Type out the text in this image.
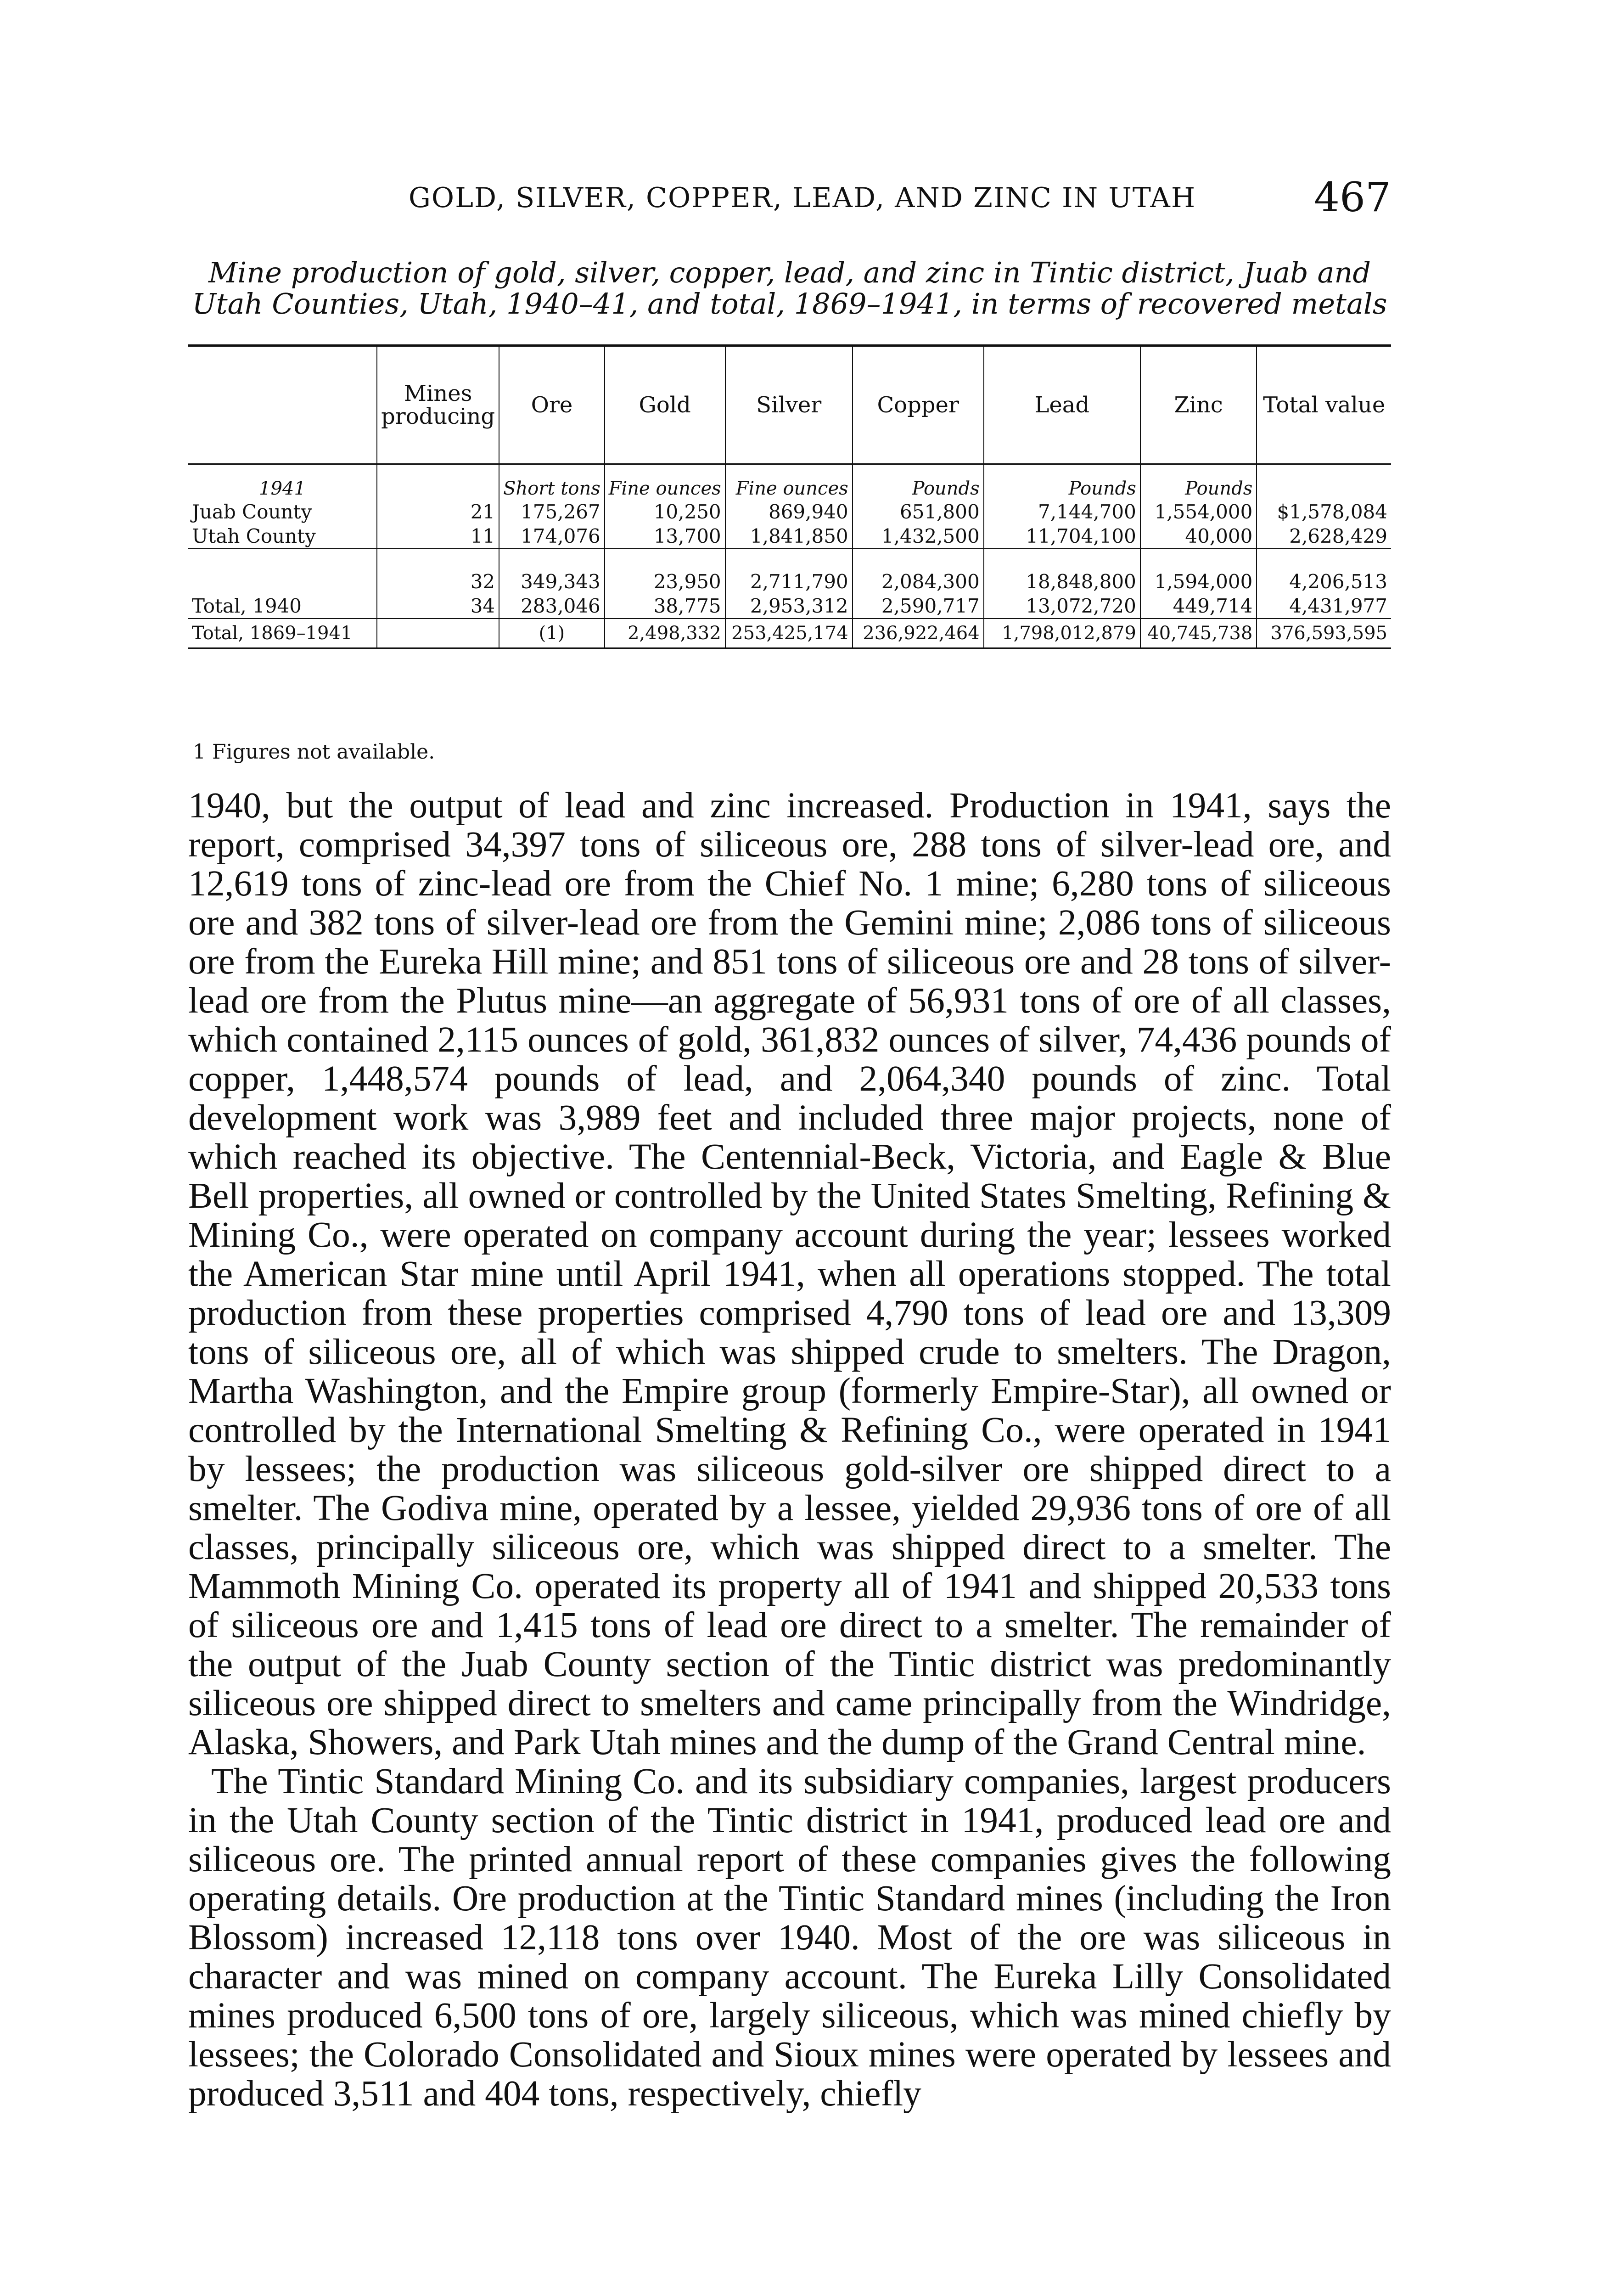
GOLD, SILVER, COPPER, LEAD, AND ZINC IN UTAH	467
Mine production of gold, silver, copper, lead, and zinc in Tintic district, Juab and Utah Counties, Utah, 1940–41, and total, 1869–1941, in terms of recovered metals

	Mines producing	Ore	Gold	Silver	Copper	Lead	Zinc	Total value
1941		Short tons	Fine ounces	Fine ounces	Pounds	Pounds	Pounds	
Juab County	21	175,267	10,250	869,940	651,800	7,144,700	1,554,000	$1,578,084
Utah County	11	174,076	13,700	1,841,850	1,432,500	11,704,100	40,000	2,628,429

	32	349,343	23,950	2,711,790	2,084,300	18,848,800	1,594,000	4,206,513
Total, 1940	34	283,046	38,775	2,953,312	2,590,717	13,072,720	449,714	4,431,977
Total, 1869–1941		(1)	2,498,332	253,425,174	236,922,464	1,798,012,879	40,745,738	376,593,595
1 Figures not available.

1940, but the output of lead and zinc increased. Production in 1941, says the report, comprised 34,397 tons of siliceous ore, 288 tons of silver-lead ore, and 12,619 tons of zinc-lead ore from the Chief No. 1 mine; 6,280 tons of siliceous ore and 382 tons of silver-lead ore from the Gemini mine; 2,086 tons of siliceous ore from the Eureka Hill mine; and 851 tons of siliceous ore and 28 tons of silver-lead ore from the Plutus mine—an aggregate of 56,931 tons of ore of all classes, which contained 2,115 ounces of gold, 361,832 ounces of silver, 74,436 pounds of copper, 1,448,574 pounds of lead, and 2,064,340 pounds of zinc. Total development work was 3,989 feet and included three major projects, none of which reached its objective. The Centennial-Beck, Victoria, and Eagle & Blue Bell properties, all owned or controlled by the United States Smelting, Refining & Mining Co., were operated on company account during the year; lessees worked the American Star mine until April 1941, when all operations stopped. The total production from these properties comprised 4,790 tons of lead ore and 13,309 tons of siliceous ore, all of which was shipped crude to smelters. The Dragon, Martha Washington, and the Empire group (formerly Empire-Star), all owned or controlled by the International Smelting & Refining Co., were operated in 1941 by lessees; the production was siliceous gold-silver ore shipped direct to a smelter. The Godiva mine, operated by a lessee, yielded 29,936 tons of ore of all classes, principally siliceous ore, which was shipped direct to a smelter. The Mammoth Mining Co. operated its property all of 1941 and shipped 20,533 tons of siliceous ore and 1,415 tons of lead ore direct to a smelter. The remainder of the output of the Juab County section of the Tintic district was predominantly siliceous ore shipped direct to smelters and came principally from the Windridge, Alaska, Showers, and Park Utah mines and the dump of the Grand Central mine.

The Tintic Standard Mining Co. and its subsidiary companies, largest producers in the Utah County section of the Tintic district in 1941, produced lead ore and siliceous ore. The printed annual report of these companies gives the following operating details. Ore production at the Tintic Standard mines (including the Iron Blossom) increased 12,118 tons over 1940. Most of the ore was siliceous in character and was mined on company account. The Eureka Lilly Consolidated mines produced 6,500 tons of ore, largely siliceous, which was mined chiefly by lessees; the Colorado Consolidated and Sioux mines were operated by lessees and produced 3,511 and 404 tons, respectively, chiefly
